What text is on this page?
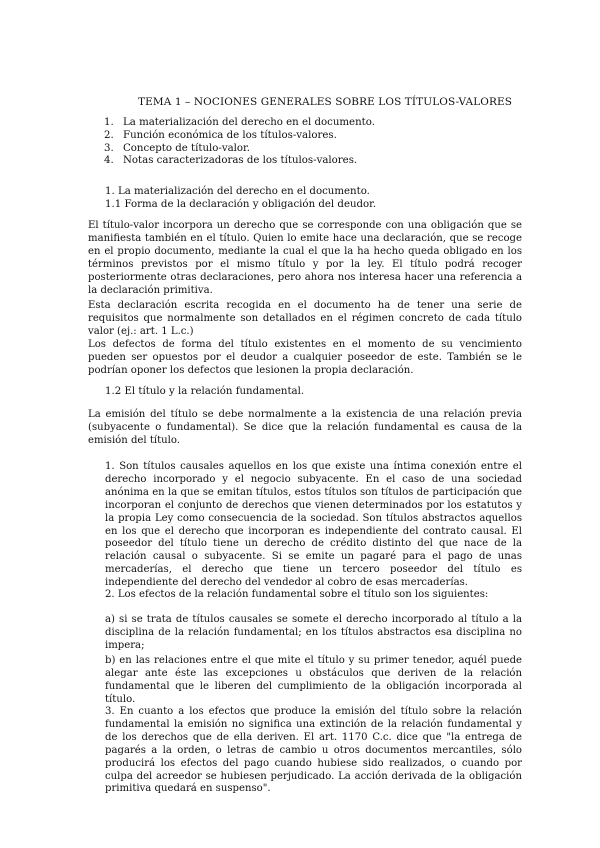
TEMA 1 – NOCIONES GENERALES SOBRE LOS TÍTULOS-VALORES
1. La materialización del derecho en el documento.
2. Función económica de los títulos-valores.
3. Concepto de título-valor.
4. Notas caracterizadoras de los títulos-valores.
1. La materialización del derecho en el documento.
1.1 Forma de la declaración y obligación del deudor.

El título-valor incorpora un derecho que se corresponde con una obligación que se manifiesta también en el título. Quien lo emite hace una declaración, que se recoge en el propio documento, mediante la cual el que la ha hecho queda obligado en los términos previstos por el mismo título y por la ley. El título podrá recoger posteriormente otras declaraciones, pero ahora nos interesa hacer una referencia a la declaración primitiva.

Esta declaración escrita recogida en el documento ha de tener una serie de requisitos que normalmente son detallados en el régimen concreto de cada título valor (ej.: art. 1 L.c.)

Los defectos de forma del título existentes en el momento de su vencimiento pueden ser opuestos por el deudor a cualquier poseedor de este. También se le podrían oponer los defectos que lesionen la propia declaración.

1.2 El título y la relación fundamental.

La emisión del título se debe normalmente a la existencia de una relación previa (subyacente o fundamental). Se dice que la relación fundamental es causa de la emisión del título.

1. Son títulos causales aquellos en los que existe una íntima conexión entre el derecho incorporado y el negocio subyacente. En el caso de una sociedad anónima en la que se emitan títulos, estos títulos son títulos de participación que incorporan el conjunto de derechos que vienen determinados por los estatutos y la propia Ley como consecuencia de la sociedad. Son títulos abstractos aquellos en los que el derecho que incorporan es independiente del contrato causal. El poseedor del título tiene un derecho de crédito distinto del que nace de la relación causal o subyacente. Si se emite un pagaré para el pago de unas mercaderías, el derecho que tiene un tercero poseedor del título es independiente del derecho del vendedor al cobro de esas mercaderías.

2. Los efectos de la relación fundamental sobre el título son los siguientes:

a) si se trata de títulos causales se somete el derecho incorporado al título a la disciplina de la relación fundamental; en los títulos abstractos esa disciplina no impera;

b) en las relaciones entre el que mite el título y su primer tenedor, aquél puede alegar ante éste las excepciones u obstáculos que deriven de la relación fundamental que le liberen del cumplimiento de la obligación incorporada al título.

3. En cuanto a los efectos que produce la emisión del título sobre la relación fundamental la emisión no significa una extinción de la relación fundamental y de los derechos que de ella deriven. El art. 1170 C.c. dice que "la entrega de pagarés a la orden, o letras de cambio u otros documentos mercantiles, sólo producirá los efectos del pago cuando hubiese sido realizados, o cuando por culpa del acreedor se hubiesen perjudicado. La acción derivada de la obligación primitiva quedará en suspenso".
